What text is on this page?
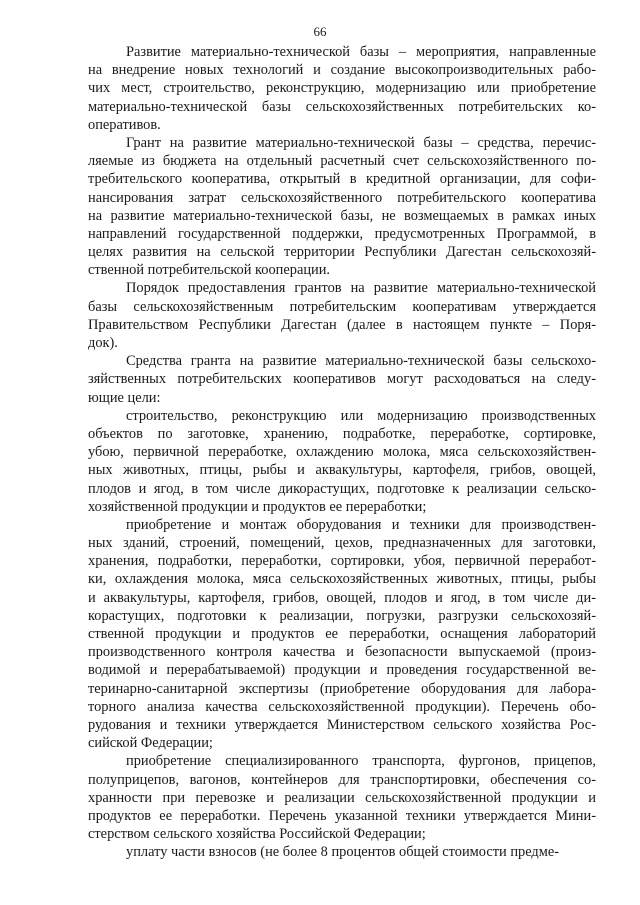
66
Развитие материально-технической базы – мероприятия, направленные
на внедрение новых технологий и создание высокопроизводительных рабо-
чих мест, строительство, реконструкцию, модернизацию или приобретение
материально-технической базы сельскохозяйственных потребительских ко-
оперативов.
Грант на развитие материально-технической базы – средства, перечис-
ляемые из бюджета на отдельный расчетный счет сельскохозяйственного по-
требительского кооператива, открытый в кредитной организации, для софи-
нансирования затрат сельскохозяйственного потребительского кооператива
на развитие материально-технической базы, не возмещаемых в рамках иных
направлений государственной поддержки, предусмотренных Программой, в
целях развития на сельской территории Республики Дагестан сельскохозяй-
ственной потребительской кооперации.
Порядок предоставления грантов на развитие материально-технической
базы сельскохозяйственным потребительским кооперативам утверждается
Правительством Республики Дагестан (далее в настоящем пункте – Поря-
док).
Средства гранта на развитие материально-технической базы сельскохо-
зяйственных потребительских кооперативов могут расходоваться на следу-
ющие цели:
строительство, реконструкцию или модернизацию производственных
объектов по заготовке, хранению, подработке, переработке, сортировке,
убою, первичной переработке, охлаждению молока, мяса сельскохозяйствен-
ных животных, птицы, рыбы и аквакультуры, картофеля, грибов, овощей,
плодов и ягод, в том числе дикорастущих, подготовке к реализации сельско-
хозяйственной продукции и продуктов ее переработки;
приобретение и монтаж оборудования и техники для производствен-
ных зданий, строений, помещений, цехов, предназначенных для заготовки,
хранения, подработки, переработки, сортировки, убоя, первичной переработ-
ки, охлаждения молока, мяса сельскохозяйственных животных, птицы, рыбы
и аквакультуры, картофеля, грибов, овощей, плодов и ягод, в том числе ди-
корастущих, подготовки к реализации, погрузки, разгрузки сельскохозяй-
ственной продукции и продуктов ее переработки, оснащения лабораторий
производственного контроля качества и безопасности выпускаемой (произ-
водимой и перерабатываемой) продукции и проведения государственной ве-
теринарно-санитарной экспертизы (приобретение оборудования для лабора-
торного анализа качества сельскохозяйственной продукции). Перечень обо-
рудования и техники утверждается Министерством сельского хозяйства Рос-
сийской Федерации;
приобретение специализированного транспорта, фургонов, прицепов,
полуприцепов, вагонов, контейнеров для транспортировки, обеспечения со-
хранности при перевозке и реализации сельскохозяйственной продукции и
продуктов ее переработки. Перечень указанной техники утверждается Мини-
стерством сельского хозяйства Российской Федерации;
уплату части взносов (не более 8 процентов общей стоимости предме-
